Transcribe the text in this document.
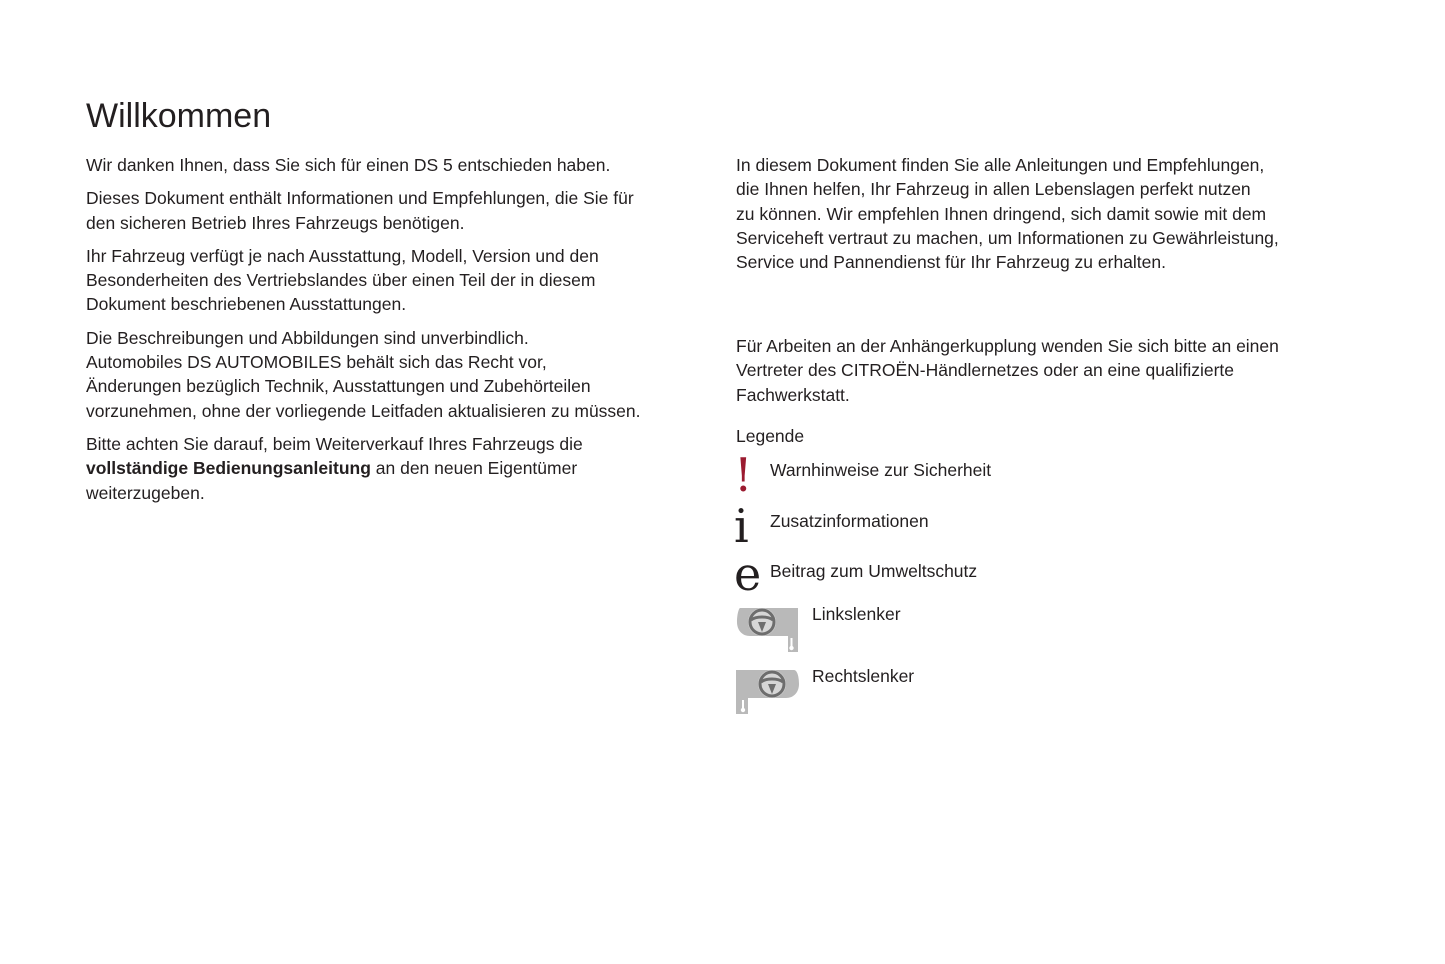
Willkommen

Wir danken Ihnen, dass Sie sich für einen DS 5 entschieden haben.

Dieses Dokument enthält Informationen und Empfehlungen, die Sie für
den sicheren Betrieb Ihres Fahrzeugs benötigen.

Ihr Fahrzeug verfügt je nach Ausstattung, Modell, Version und den
Besonderheiten des Vertriebslandes über einen Teil der in diesem
Dokument beschriebenen Ausstattungen.

Die Beschreibungen und Abbildungen sind unverbindlich.
Automobiles DS AUTOMOBILES behält sich das Recht vor,
Änderungen bezüglich Technik, Ausstattungen und Zubehörteilen
vorzunehmen, ohne der vorliegende Leitfaden aktualisieren zu müssen.

Bitte achten Sie darauf, beim Weiterverkauf Ihres Fahrzeugs die
vollständige Bedienungsanleitung an den neuen Eigentümer
weiterzugeben.

In diesem Dokument finden Sie alle Anleitungen und Empfehlungen,
die Ihnen helfen, Ihr Fahrzeug in allen Lebenslagen perfekt nutzen
zu können. Wir empfehlen Ihnen dringend, sich damit sowie mit dem
Serviceheft vertraut zu machen, um Informationen zu Gewährleistung,
Service und Pannendienst für Ihr Fahrzeug zu erhalten.

Für Arbeiten an der Anhängerkupplung wenden Sie sich bitte an einen
Vertreter des CITROËN-Händlernetzes oder an eine qualifizierte
Fachwerkstatt.

Legende
! Warnhinweise zur Sicherheit
i Zusatzinformationen
e Beitrag zum Umweltschutz
Linkslenker
Rechtslenker
